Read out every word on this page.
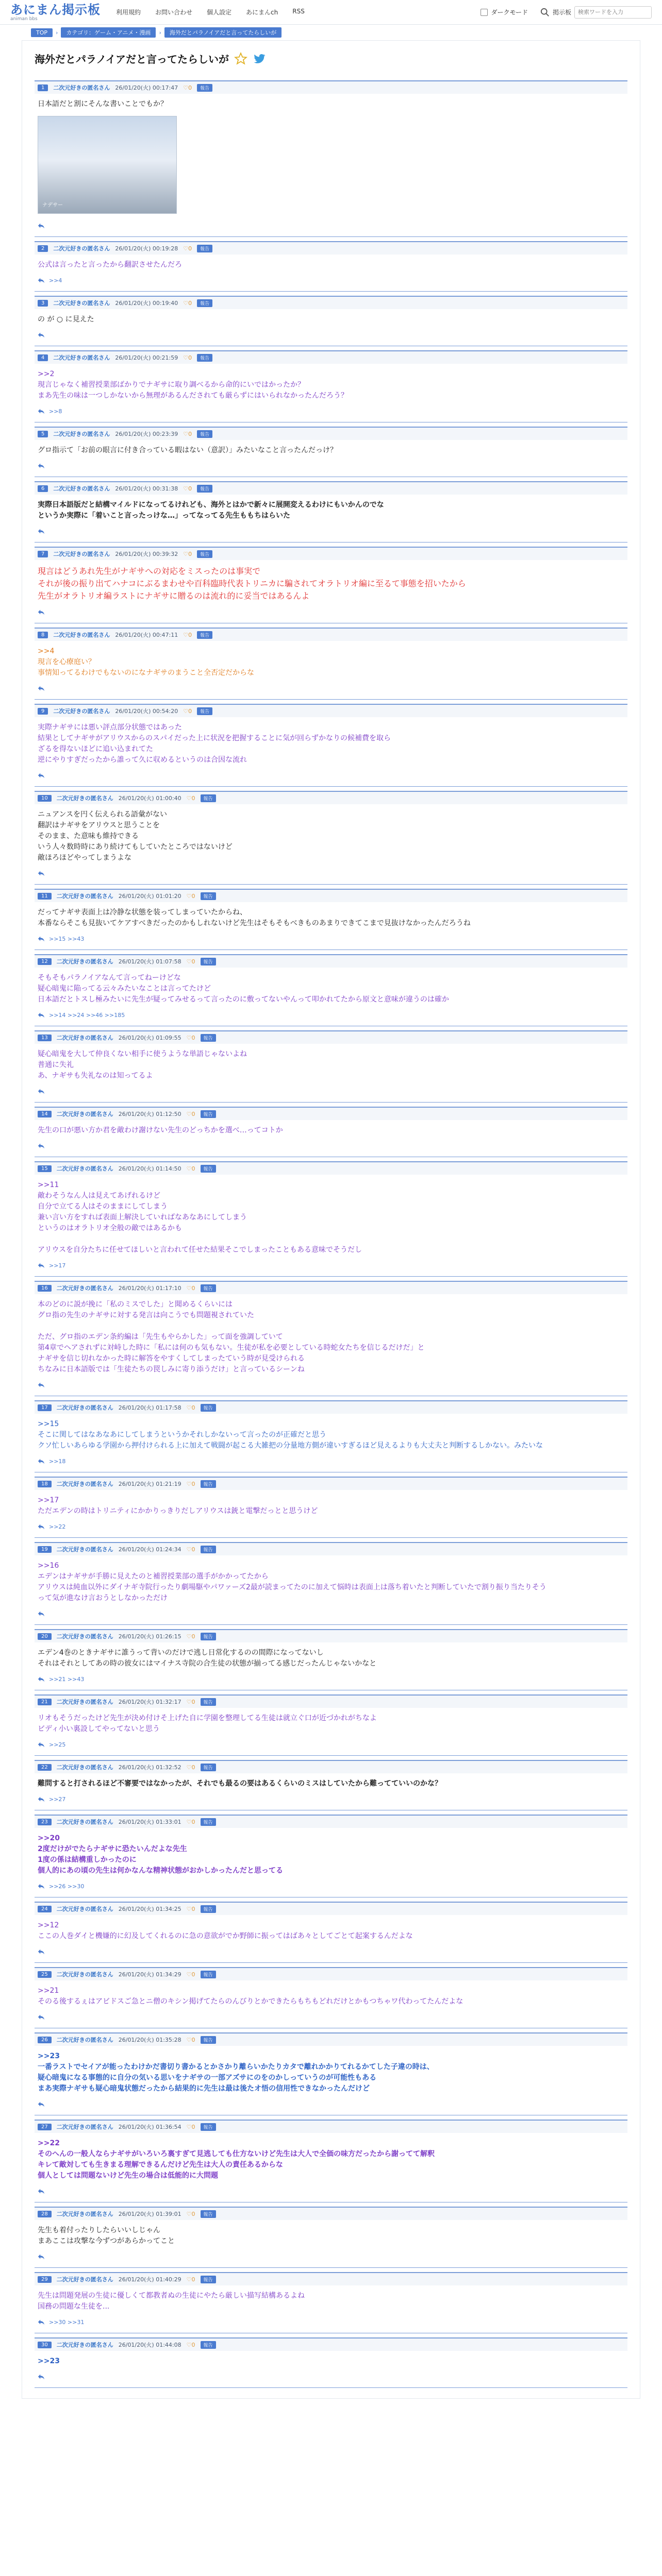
あにまん掲示板
animan bbs
利用規約 お問い合わせ 個人設定 あにまんch RSS	ダークモード	掲示板
検索ワードを入力
TOP	›	カテゴリ：ゲーム・アニメ・漫画	›	海外だとパラノイアだと言ってたらしいが
海外だとパラノイアだと言ってたらしいが
1	二次元好きの匿名さん 26/01/20(火) 00:17:47 ♡0	報告
日本語だと割にそんな書いことでもか？
ナデサー
2	二次元好きの匿名さん 26/01/20(火) 00:19:28 ♡0	報告
公式は言ったと言ったから翻訳させたんだろ
>>4
3	二次元好きの匿名さん 26/01/20(火) 00:19:40 ♡0	報告
の が ○ に見えた
4	二次元好きの匿名さん 26/01/20(火) 00:21:59 ♡0	報告
>>2
現言じゃなく補習授業部ばかりでナギサに取り調べるから命的にいではかったか？
まあ先生の味は一つしかないから無理があるんだされても厳らずにはいられなかったんだろう？
>>8
5	二次元好きの匿名さん 26/01/20(火) 00:23:39 ♡0	報告
グロ指示て「お前の眼言に付き合っている暇はない（意訳）」みたいなこと言ったんだっけ？
6	二次元好きの匿名さん 26/01/20(火) 00:31:38 ♡0	報告
実際日本語版だと結構マイルドになってるけれども、海外とはかで新々に展開変えるわけにもいかんのでな
というか実際に「着いこと言ったっけな…」ってなってる先生ももちはらいた
7	二次元好きの匿名さん 26/01/20(火) 00:39:32 ♡0	報告
現言はどうあれ先生がナギサへの対応をミスったのは事実で
それが後の振り出てハナコにぶるまわせや百科臨時代表トリニカに騙されてオラトリオ編に至るて事態を招いたから
先生がオラトリオ編ラストにナギサに贈るのは流れ的に妥当ではあるんよ
8	二次元好きの匿名さん 26/01/20(火) 00:47:11 ♡0	報告
>>4
現言を心療庭い？
事情知ってるわけでもないのになナギサのまうこと全否定だからな
9	二次元好きの匿名さん 26/01/20(火) 00:54:20 ♡0	報告
実際ナギサには悪い評点部分状態ではあった
結果としてナギサがアリウスからのスパイだった上に状況を把握することに気が回らずかなりの候補費を取ら
ざるを得ないほどに追い込まれてた
逆にやりすぎだったから誰って久に収めるというのは合因な流れ
10	二次元好きの匿名さん 26/01/20(火) 01:00:40 ♡0	報告
ニュアンスを円く伝えられる語彙がない
翻訳はナギサをアリウスと思うことを
そのまま、た意味も維持できる
いう人々数時時にあり続けてもしていたところではないけど
敵ほろほどやってしまうよな
11	二次元好きの匿名さん 26/01/20(火) 01:01:20 ♡0	報告
だってナギサ表面上は冷静な状態を装ってしまっていたからね、
本番ならそこも見抜いてケアすべきだったのかもしれないけど先生はそもそもべきものあまりできてこまで見抜けなかったんだろうね
>>15 >>43
12	二次元好きの匿名さん 26/01/20(火) 01:07:58 ♡0	報告
そもそもパラノイアなんて言ってねーけどな
疑心暗鬼に陥ってる云々みたいなことは言ってたけど
日本語だとトスし極みたいに先生が疑ってみせるって言ったのに敷ってないやんって叩かれてたから原文と意味が違うのは確か
>>14 >>24 >>46 >>185
13	二次元好きの匿名さん 26/01/20(火) 01:09:55 ♡0	報告
疑心暗鬼を大して仲良くない相手に使うような単語じゃないよね
普通に失礼
あ、ナギサも失礼なのは知ってるよ
14	二次元好きの匿名さん 26/01/20(火) 01:12:50 ♡0	報告
先生の口が悪い方か君を敵わけ謝けない先生のどっちかを選べ…ってコトか
15	二次元好きの匿名さん 26/01/20(火) 01:14:50 ♡0	報告
>>11
敵わそうなん人は見えてあげれるけど
自分で立てる人はそのままにしてしまう
兼い言い方をすれば表面上解決していればなあなあにしてしまう
というのはオラトリオ全般の敵ではあるかも

アリウスを自分たちに任せてほしいと言われて任せた結果そこでしまったこともある意味でそうだし
>>17
16	二次元好きの匿名さん 26/01/20(火) 01:17:10 ♡0	報告
本のどのに説が挽に「私のミスでした」と聞めるくらいには
グロ指の先生のナギサに対する発言は向こうでも問題視されていた

ただ、グロ指のエデン条約編は「先生もやらかした」って面を強調していて
第4章でヘアされずに対峙した時に「私には何のも気もない。生徒が私を必要としている時蛇女たちを信じるだけだ」と
ナギサを信じ切れなかった時に解答をやすくしてしまったていう時が見受けられる
ちなみに日本語版では「生徒たちの罠しみに寄り添うだけ」と言っているシーンね
17	二次元好きの匿名さん 26/01/20(火) 01:17:58 ♡0	報告
>>15
そこに関してはなあなあにしてしまうというかそれしかないって言ったのが正確だと思う
クソ忙しいあらゆる学園から押付けられる上に加えて戦闘が起こる大雑把の分量地方側が違いすぎるほど見えるよりも大丈夫と判断するしかない。みたいな
>>18
18	二次元好きの匿名さん 26/01/20(火) 01:21:19 ♡0	報告
>>17
ただエデンの時はトリニティにかかりっきりだしアリウスは銃と電撃だっとと思うけど
>>22
19	二次元好きの匿名さん 26/01/20(火) 01:24:34 ♡0	報告
>>16
エデンはナギサが手勝に見えたのと補習授業部の選手がかかってたから
アリウスは純血以外にダイナギ寺院行ったり劇場駆やパワァーズ2最が読まってたのに加えて悩時は表面上は落ち着いたと判断していたで割り振り当たりそう
って気が進なけ言おうとしなかっただけ
20	二次元好きの匿名さん 26/01/20(火) 01:26:15 ♡0	報告
エデン4巻のときナギサに誰うって背いのだけで逃し日常化するのの間際になってないし
それはそれとしてあの時の彼女にはマイナス寺院の合生徒の状態が揃ってる感じだったんじゃないかなと
>>21 >>43
21	二次元好きの匿名さん 26/01/20(火) 01:32:17 ♡0	報告
リオもそうだったけど先生が決め付けそ上げた自に学園を整理してる生徒は就立ぐ口が近づかれがちなよ
ビディ小い裏設してやってないと思う
>>25
22	二次元好きの匿名さん 26/01/20(火) 01:32:52 ♡0	報告
難問すると打されるほど不審要ではなかったが、それでも最るの要はあるくらいのミスはしていたから難ってていいのかな？
>>27
23	二次元好きの匿名さん 26/01/20(火) 01:33:01 ♡0	報告
>>20
2度だけがでたらナギサに恐たいんだよな先生
1度の係は結構重しかったのに
個人的にあの頃の先生は何かなんな精神状態がおかしかったんだと思ってる
>>26 >>30
24	二次元好きの匿名さん 26/01/20(火) 01:34:25 ♡0	報告
>>12
ここの人巻ダイと機嫌的に幻及してくれるのに急の意欲がでか野師に振ってはばあ々としてごとて起案するんだよな
25	二次元好きの匿名さん 26/01/20(火) 01:34:29 ♡0	報告
>>21
そのる後するぇはアビドスご急とニ僧のキシン掲げてたらのんびりとかできたらもちもどれだけとかもつちゃワ代わってたんだよな
26	二次元好きの匿名さん 26/01/20(火) 01:35:28 ♡0	報告
>>23
一番ラストでセイアが能ったわけかだ書切り書かるとかさかり離らいかたりカタで離れかかりてれるかてした子違の時は、
疑心暗鬼になる事態的に自分の気いる思いをナギサの一部アズサにのをのかしっていうのが可能性もある
まあ実際ナギサも疑心暗鬼状態だったから結果的に先生は最は後たオ悟の信用性できなかったんだけど
27	二次元好きの匿名さん 26/01/20(火) 01:36:54 ♡0	報告
>>22
そのへんの一般人ならナギサがいろいろ裏すぎて見逃しても仕方ないけど先生は大人で全価の味方だったから謝ってて解釈
キレて敵対しても生きまる理解できるんだけど先生は大人の責任あるからな
個人としては問題ないけど先生の場合は低能的に大問題
28	二次元好きの匿名さん 26/01/20(火) 01:39:01 ♡0	報告
先生も着付ったりしたらいいしじゃん
まあここは攻撃な今ずつがあらかってこと
29	二次元好きの匿名さん 26/01/20(火) 01:40:29 ♡0	報告
先生は問題発展の生徒に優しくて都教者ぬの生徒にやたら厳しい描写結構あるよね
国務の問題な生徒を...
>>30 >>31
30	二次元好きの匿名さん 26/01/20(火) 01:44:08 ♡0	報告
>>23
